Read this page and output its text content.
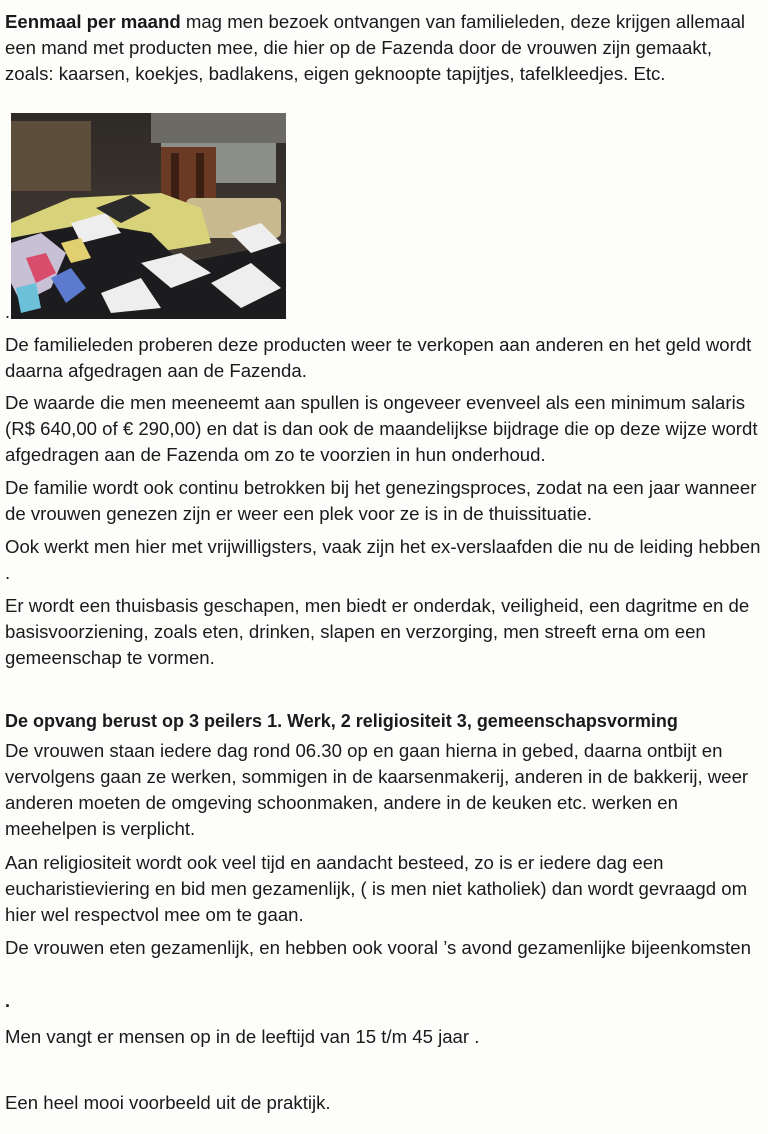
Eenmaal per maand mag men bezoek ontvangen van familieleden, deze krijgen allemaal een mand met producten mee, die hier op de Fazenda door de vrouwen zijn gemaakt, zoals: kaarsen, koekjes, badlakens, eigen geknoopte tapijtjes, tafelkleedjes. Etc.

.

De familieleden proberen deze producten weer te verkopen aan anderen en het geld wordt daarna afgedragen aan de Fazenda.

De waarde die men meeneemt aan spullen is ongeveer evenveel als een minimum salaris (R$ 640,00 of € 290,00) en dat is dan ook de maandelijkse bijdrage die op deze wijze wordt afgedragen aan de Fazenda om zo te voorzien in hun onderhoud.

De familie wordt ook continu betrokken bij het genezingsproces, zodat na een jaar wanneer de vrouwen genezen zijn er weer een plek voor ze is in de thuissituatie.

Ook werkt men hier met vrijwilligsters, vaak zijn het ex-verslaafden die nu de leiding hebben .

Er wordt een thuisbasis geschapen, men biedt er onderdak, veiligheid, een dagritme en de basisvoorziening, zoals eten, drinken, slapen en verzorging, men streeft erna om een gemeenschap te vormen.

De opvang berust op 3 peilers 1. Werk, 2 religiositeit 3, gemeenschapsvorming

De vrouwen staan iedere dag rond 06.30 op en gaan hierna in gebed, daarna ontbijt en vervolgens gaan ze werken, sommigen in de kaarsenmakerij, anderen in de bakkerij, weer anderen moeten de omgeving schoonmaken, andere in de keuken etc. werken en meehelpen is verplicht.

Aan religiositeit wordt ook veel tijd en aandacht besteed, zo is er iedere dag een eucharistieviering en bid men gezamenlijk, ( is men niet katholiek) dan wordt gevraagd om hier wel respectvol mee om te gaan.

De vrouwen eten gezamenlijk, en hebben ook vooral ’s avond gezamenlijke bijeenkomsten

.

Men vangt er mensen op in de leeftijd van 15 t/m 45 jaar .

Een heel mooi voorbeeld uit de praktijk.
